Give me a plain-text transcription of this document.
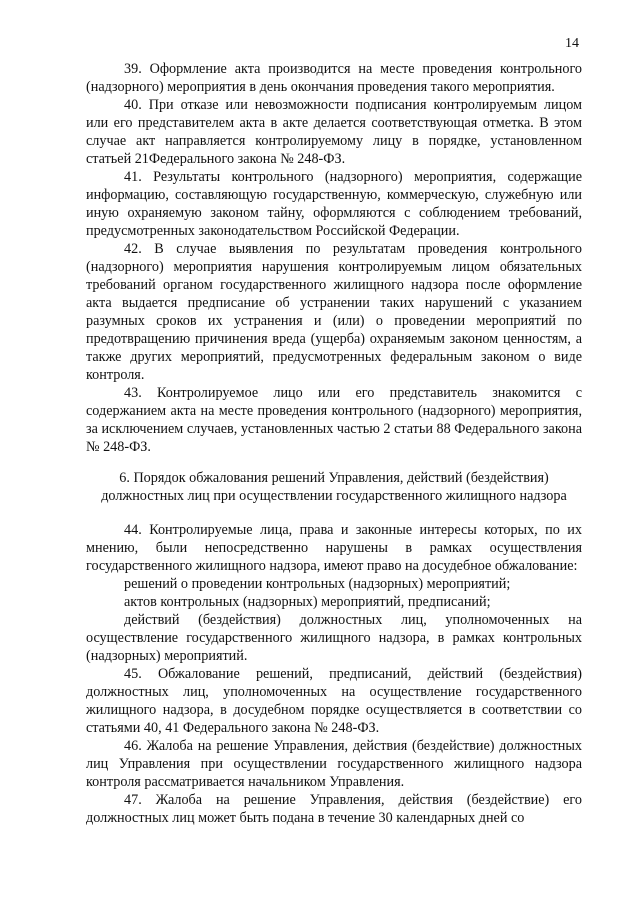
14

39. Оформление акта производится на месте проведения контрольного (надзорного) мероприятия в день окончания проведения такого мероприятия.

40. При отказе или невозможности подписания контролируемым лицом или его представителем акта в акте делается соответствующая отметка. В этом случае акт направляется контролируемому лицу в порядке, установленном статьей 21Федерального закона № 248-ФЗ.

41. Результаты контрольного (надзорного) мероприятия, содержащие информацию, составляющую государственную, коммерческую, служебную или иную охраняемую законом тайну, оформляются с соблюдением требований, предусмотренных законодательством Российской Федерации.

42. В случае выявления по результатам проведения контрольного (надзорного) мероприятия нарушения контролируемым лицом обязательных требований органом государственного жилищного надзора после оформление акта выдается предписание об устранении таких нарушений с указанием разумных сроков их устранения и (или) о проведении мероприятий по предотвращению причинения вреда (ущерба) охраняемым законом ценностям, а также других мероприятий, предусмотренных федеральным законом о виде контроля.

43. Контролируемое лицо или его представитель знакомится с содержанием акта на месте проведения контрольного (надзорного) мероприятия, за исключением случаев, установленных частью 2 статьи 88 Федерального закона № 248-ФЗ.

6. Порядок обжалования решений Управления, действий (бездействия) должностных лиц при осуществлении государственного жилищного надзора

44. Контролируемые лица, права и законные интересы которых, по их мнению, были непосредственно нарушены в рамках осуществления государственного жилищного надзора, имеют право на досудебное обжалование:

решений о проведении контрольных (надзорных) мероприятий;

актов контрольных (надзорных) мероприятий, предписаний;

действий (бездействия) должностных лиц, уполномоченных на осуществление государственного жилищного надзора, в рамках контрольных (надзорных) мероприятий.

45. Обжалование решений, предписаний, действий (бездействия) должностных лиц, уполномоченных на осуществление государственного жилищного надзора, в досудебном порядке осуществляется в соответствии со статьями 40, 41 Федерального закона № 248-ФЗ.

46. Жалоба на решение Управления, действия (бездействие) должностных лиц Управления при осуществлении государственного жилищного надзора контроля рассматривается начальником Управления.

47. Жалоба на решение Управления, действия (бездействие) его должностных лиц может быть подана в течение 30 календарных дней со
